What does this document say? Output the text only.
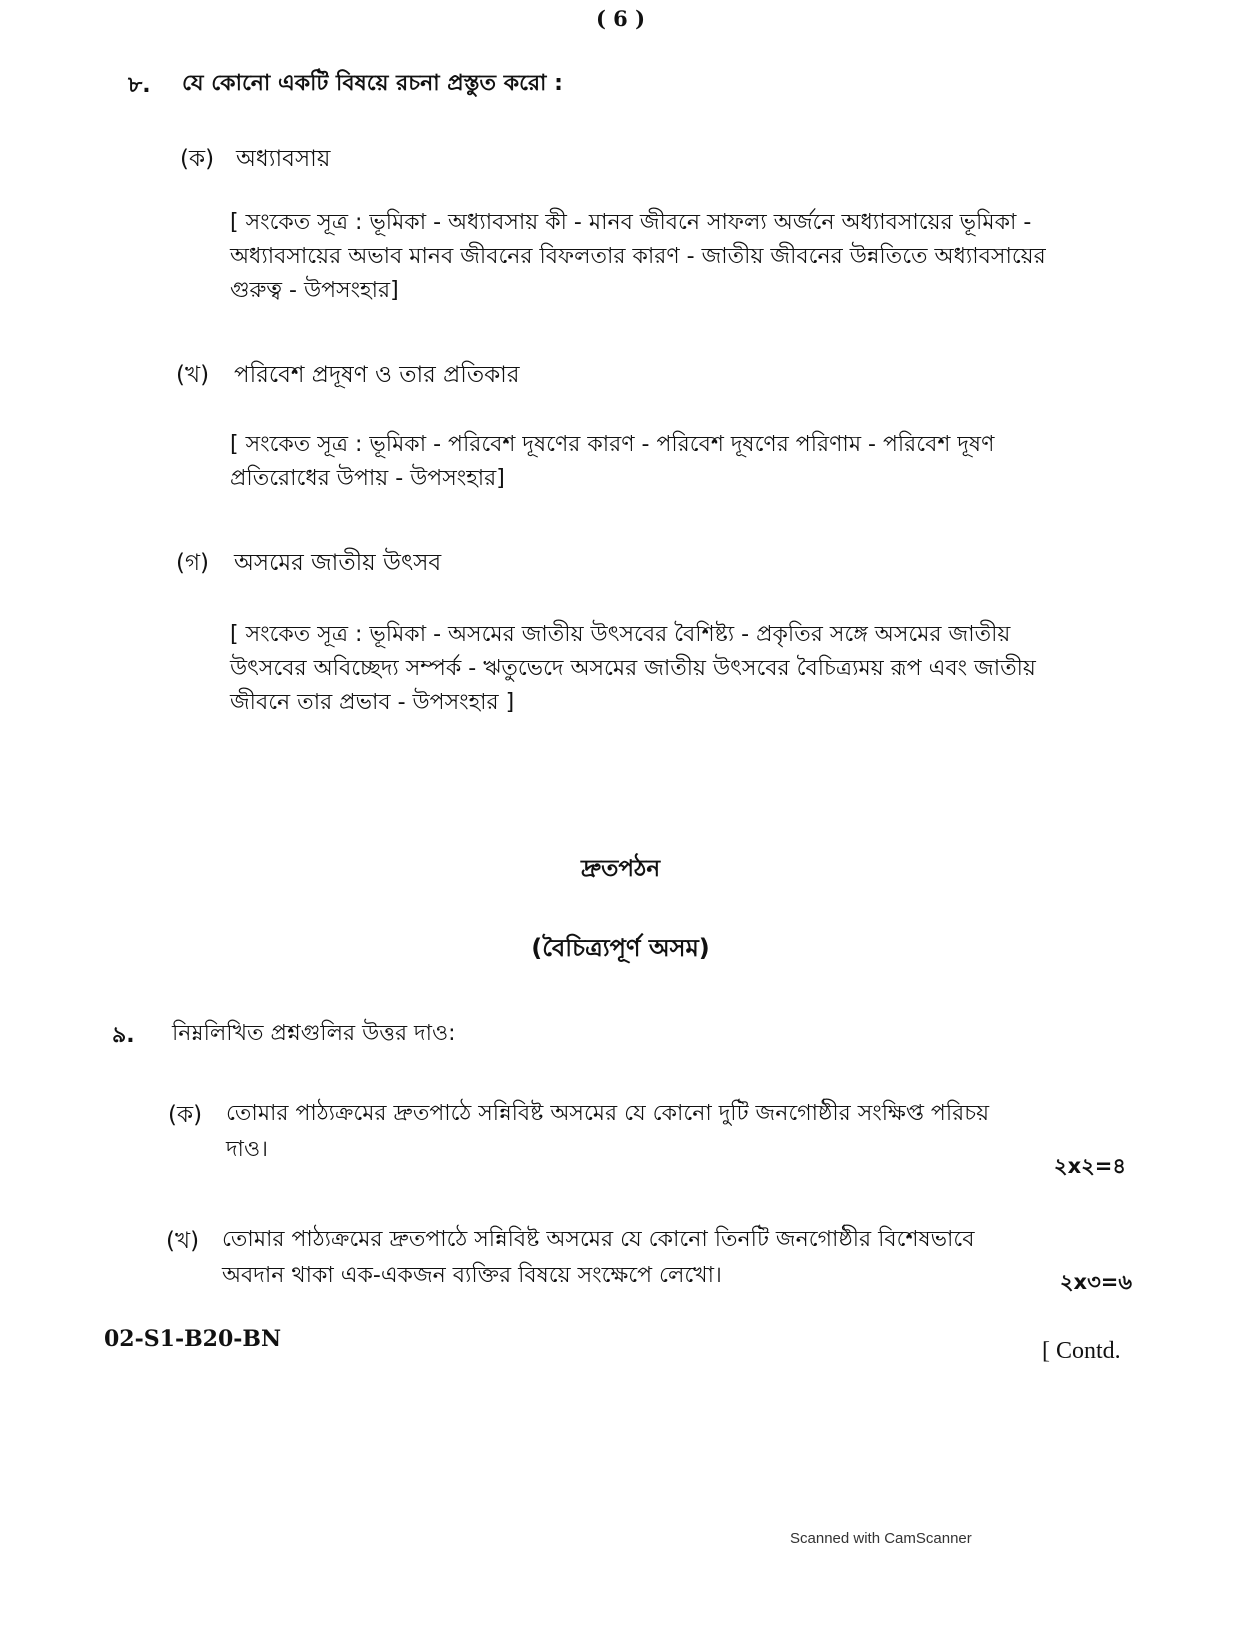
( 6 )
৮. যে কোনো একটি বিষয়ে রচনা প্রস্তুত করো :
(ক) অধ্যাবসায়
[ সংকেত সূত্র : ভূমিকা - অধ্যাবসায় কী - মানব জীবনে সাফল্য অর্জনে অধ্যাবসায়ের ভূমিকা -
অধ্যাবসায়ের অভাব মানব জীবনের বিফলতার কারণ - জাতীয় জীবনের উন্নতিতে অধ্যাবসায়ের
গুরুত্ব - উপসংহার]
(খ) পরিবেশ প্রদূষণ ও তার প্রতিকার
[ সংকেত সূত্র : ভূমিকা - পরিবেশ দূষণের কারণ - পরিবেশ দূষণের পরিণাম - পরিবেশ দূষণ
প্রতিরোধের উপায় - উপসংহার]
(গ) অসমের জাতীয় উৎসব
[ সংকেত সূত্র : ভূমিকা - অসমের জাতীয় উৎসবের বৈশিষ্ট্য - প্রকৃতির সঙ্গে অসমের জাতীয়
উৎসবের অবিচ্ছেদ্য সম্পর্ক - ঋতুভেদে অসমের জাতীয় উৎসবের বৈচিত্র্যময় রূপ এবং জাতীয়
জীবনে তার প্রভাব - উপসংহার ]
দ্রুতপঠন
(বৈচিত্র্যপূর্ণ অসম)
৯. নিম্নলিখিত প্রশ্নগুলির উত্তর দাও:
(ক) তোমার পাঠ্যক্রমের দ্রুতপাঠে সন্নিবিষ্ট অসমের যে কোনো দুটি জনগোষ্ঠীর সংক্ষিপ্ত পরিচয়
দাও।
২x২=৪
(খ) তোমার পাঠ্যক্রমের দ্রুতপাঠে সন্নিবিষ্ট অসমের যে কোনো তিনটি জনগোষ্ঠীর বিশেষভাবে
অবদান থাকা এক-একজন ব্যক্তির বিষয়ে সংক্ষেপে লেখো।	২x৩=৬
02-S1-B20-BN	[ Contd.
Scanned with CamScanner
